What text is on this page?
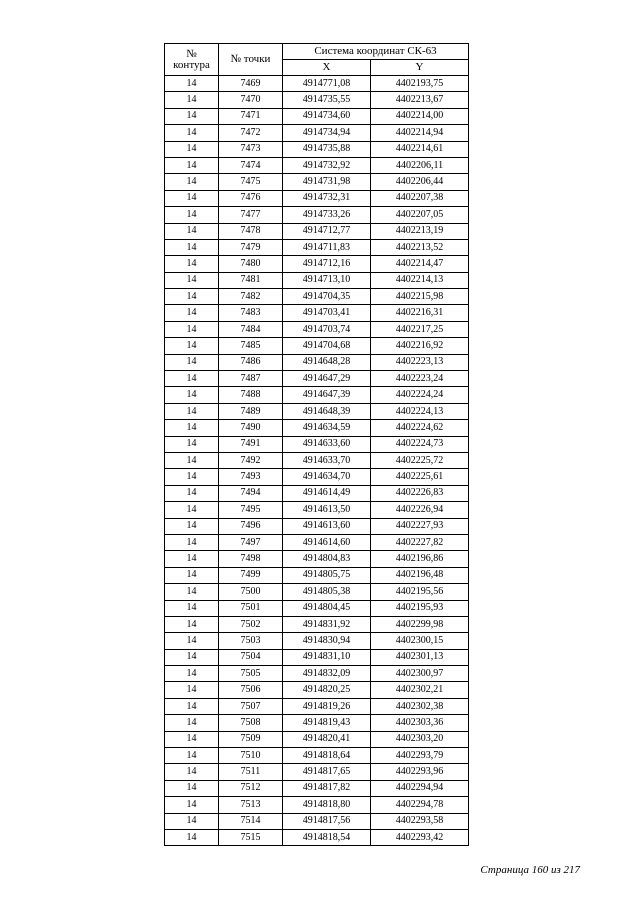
№
контура	№ точки	Система координат СК-63	
		X	Y
14	7469	4914771,08	4402193,75
14	7470	4914735,55	4402213,67
14	7471	4914734,60	4402214,00
14	7472	4914734,94	4402214,94
14	7473	4914735,88	4402214,61
14	7474	4914732,92	4402206,11
14	7475	4914731,98	4402206,44
14	7476	4914732,31	4402207,38
14	7477	4914733,26	4402207,05
14	7478	4914712,77	4402213,19
14	7479	4914711,83	4402213,52
14	7480	4914712,16	4402214,47
14	7481	4914713,10	4402214,13
14	7482	4914704,35	4402215,98
14	7483	4914703,41	4402216,31
14	7484	4914703,74	4402217,25
14	7485	4914704,68	4402216,92
14	7486	4914648,28	4402223,13
14	7487	4914647,29	4402223,24
14	7488	4914647,39	4402224,24
14	7489	4914648,39	4402224,13
14	7490	4914634,59	4402224,62
14	7491	4914633,60	4402224,73
14	7492	4914633,70	4402225,72
14	7493	4914634,70	4402225,61
14	7494	4914614,49	4402226,83
14	7495	4914613,50	4402226,94
14	7496	4914613,60	4402227,93
14	7497	4914614,60	4402227,82
14	7498	4914804,83	4402196,86
14	7499	4914805,75	4402196,48
14	7500	4914805,38	4402195,56
14	7501	4914804,45	4402195,93
14	7502	4914831,92	4402299,98
14	7503	4914830,94	4402300,15
14	7504	4914831,10	4402301,13
14	7505	4914832,09	4402300,97
14	7506	4914820,25	4402302,21
14	7507	4914819,26	4402302,38
14	7508	4914819,43	4402303,36
14	7509	4914820,41	4402303,20
14	7510	4914818,64	4402293,79
14	7511	4914817,65	4402293,96
14	7512	4914817,82	4402294,94
14	7513	4914818,80	4402294,78
14	7514	4914817,56	4402293,58
14	7515	4914818,54	4402293,42
Страница 160 из 217
